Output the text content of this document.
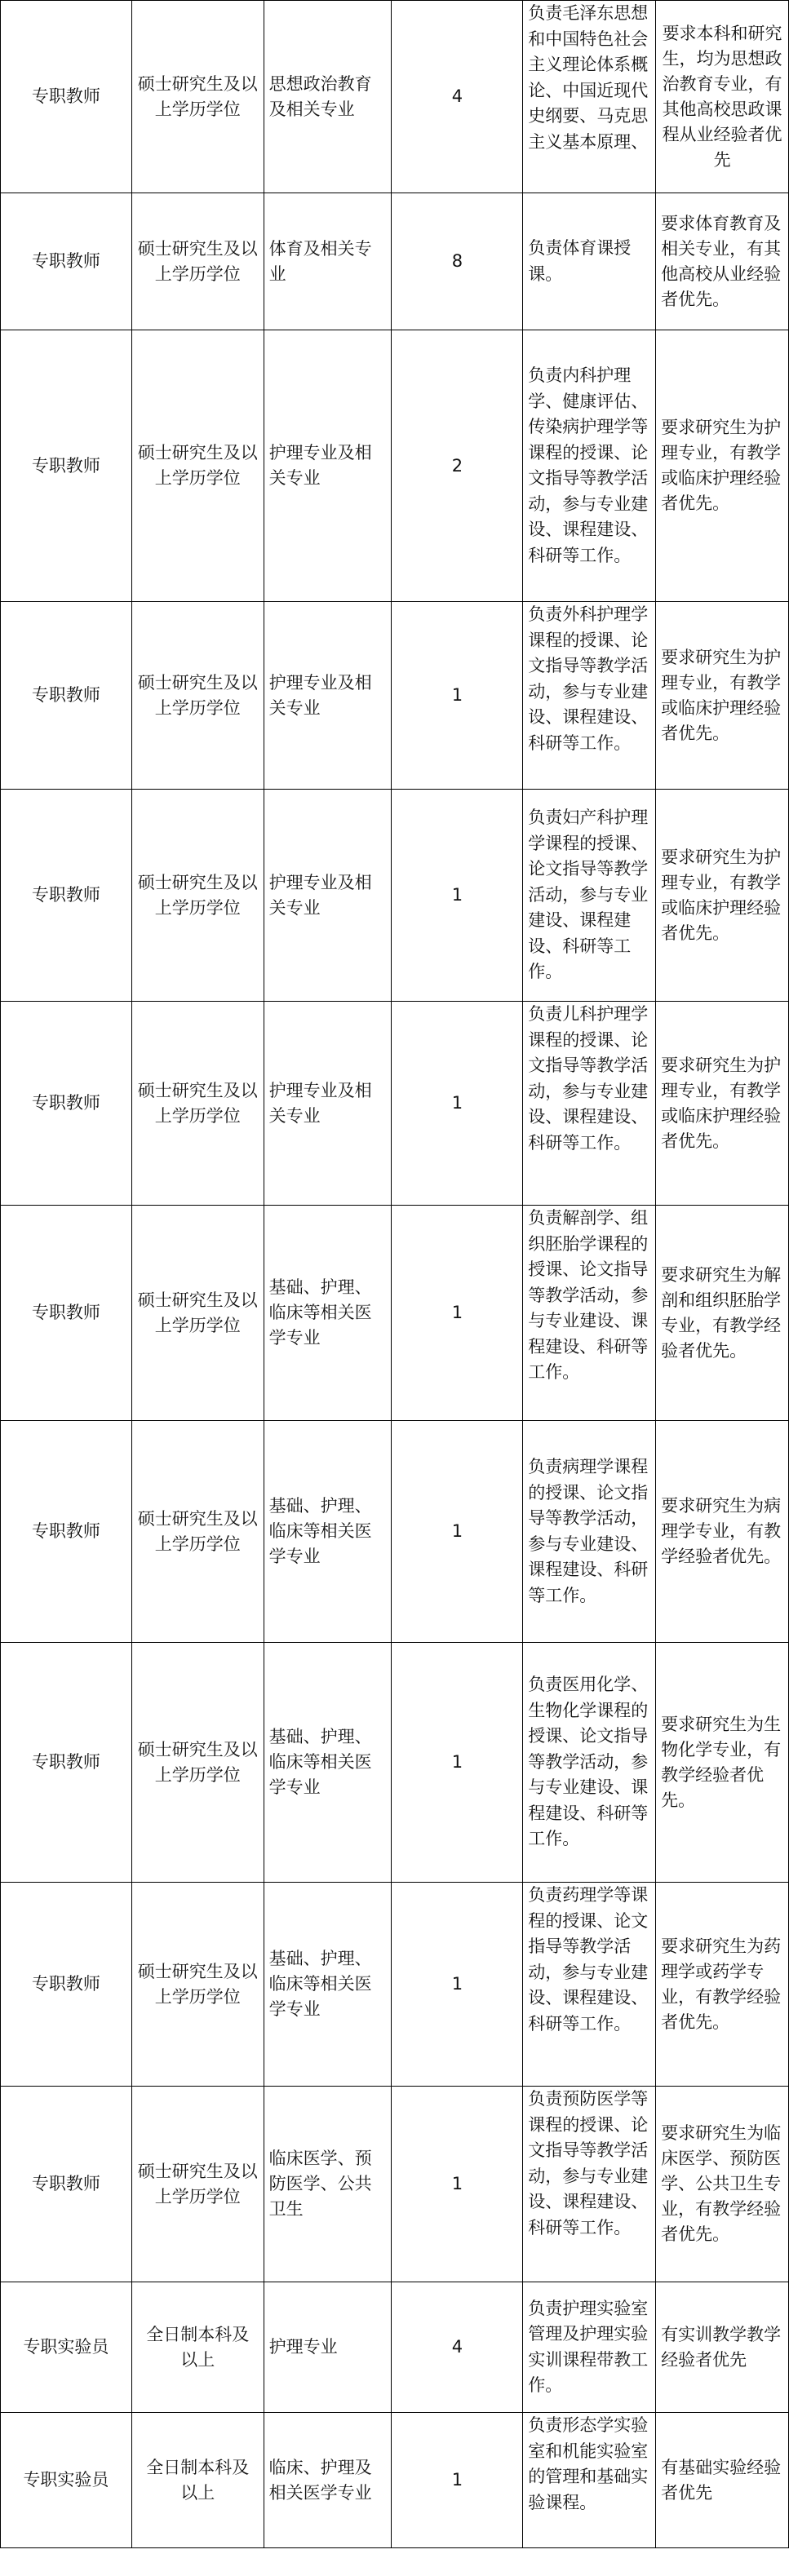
专职教师	硕士研究生及以上学历学位	思想政治教育及相关专业	4	负责毛泽东思想和中国特色社会主义理论体系概论、中国近现代史纲要、马克思主义基本原理、	要求本科和研究生，均为思想政治教育专业，有其他高校思政课程从业经验者优先
专职教师	硕士研究生及以上学历学位	体育及相关专业	8	负责体育课授课。	要求体育教育及相关专业，有其他高校从业经验者优先。
专职教师	硕士研究生及以上学历学位	护理专业及相关专业	2	负责内科护理学、健康评估、传染病护理学等课程的授课、论文指导等教学活动，参与专业建设、课程建设、科研等工作。	要求研究生为护理专业，有教学或临床护理经验者优先。
专职教师	硕士研究生及以上学历学位	护理专业及相关专业	1	负责外科护理学课程的授课、论文指导等教学活动，参与专业建设、课程建设、科研等工作。	要求研究生为护理专业，有教学或临床护理经验者优先。
专职教师	硕士研究生及以上学历学位	护理专业及相关专业	1	负责妇产科护理学课程的授课、论文指导等教学活动，参与专业建设、课程建设、科研等工作。	要求研究生为护理专业，有教学或临床护理经验者优先。
专职教师	硕士研究生及以上学历学位	护理专业及相关专业	1	负责儿科护理学课程的授课、论文指导等教学活动，参与专业建设、课程建设、科研等工作。	要求研究生为护理专业，有教学或临床护理经验者优先。
专职教师	硕士研究生及以上学历学位	基础、护理、临床等相关医学专业	1	负责解剖学、组织胚胎学课程的授课、论文指导等教学活动，参与专业建设、课程建设、科研等工作。	要求研究生为解剖和组织胚胎学专业，有教学经验者优先。
专职教师	硕士研究生及以上学历学位	基础、护理、临床等相关医学专业	1	负责病理学课程的授课、论文指导等教学活动，参与专业建设、课程建设、科研等工作。	要求研究生为病理学专业，有教学经验者优先。
专职教师	硕士研究生及以上学历学位	基础、护理、临床等相关医学专业	1	负责医用化学、生物化学课程的授课、论文指导等教学活动，参与专业建设、课程建设、科研等工作。	要求研究生为生物化学专业，有教学经验者优先。
专职教师	硕士研究生及以上学历学位	基础、护理、临床等相关医学专业	1	负责药理学等课程的授课、论文指导等教学活动，参与专业建设、课程建设、科研等工作。	要求研究生为药理学或药学专业，有教学经验者优先。
专职教师	硕士研究生及以上学历学位	临床医学、预防医学、公共卫生	1	负责预防医学等课程的授课、论文指导等教学活动，参与专业建设、课程建设、科研等工作。	要求研究生为临床医学、预防医学、公共卫生专业，有教学经验者优先。
专职实验员	全日制本科及以上	护理专业	4	负责护理实验室管理及护理实验实训课程带教工作。	有实训教学教学经验者优先
专职实验员	全日制本科及以上	临床、护理及相关医学专业	1	负责形态学实验室和机能实验室的管理和基础实验课程。	有基础实验经验者优先
